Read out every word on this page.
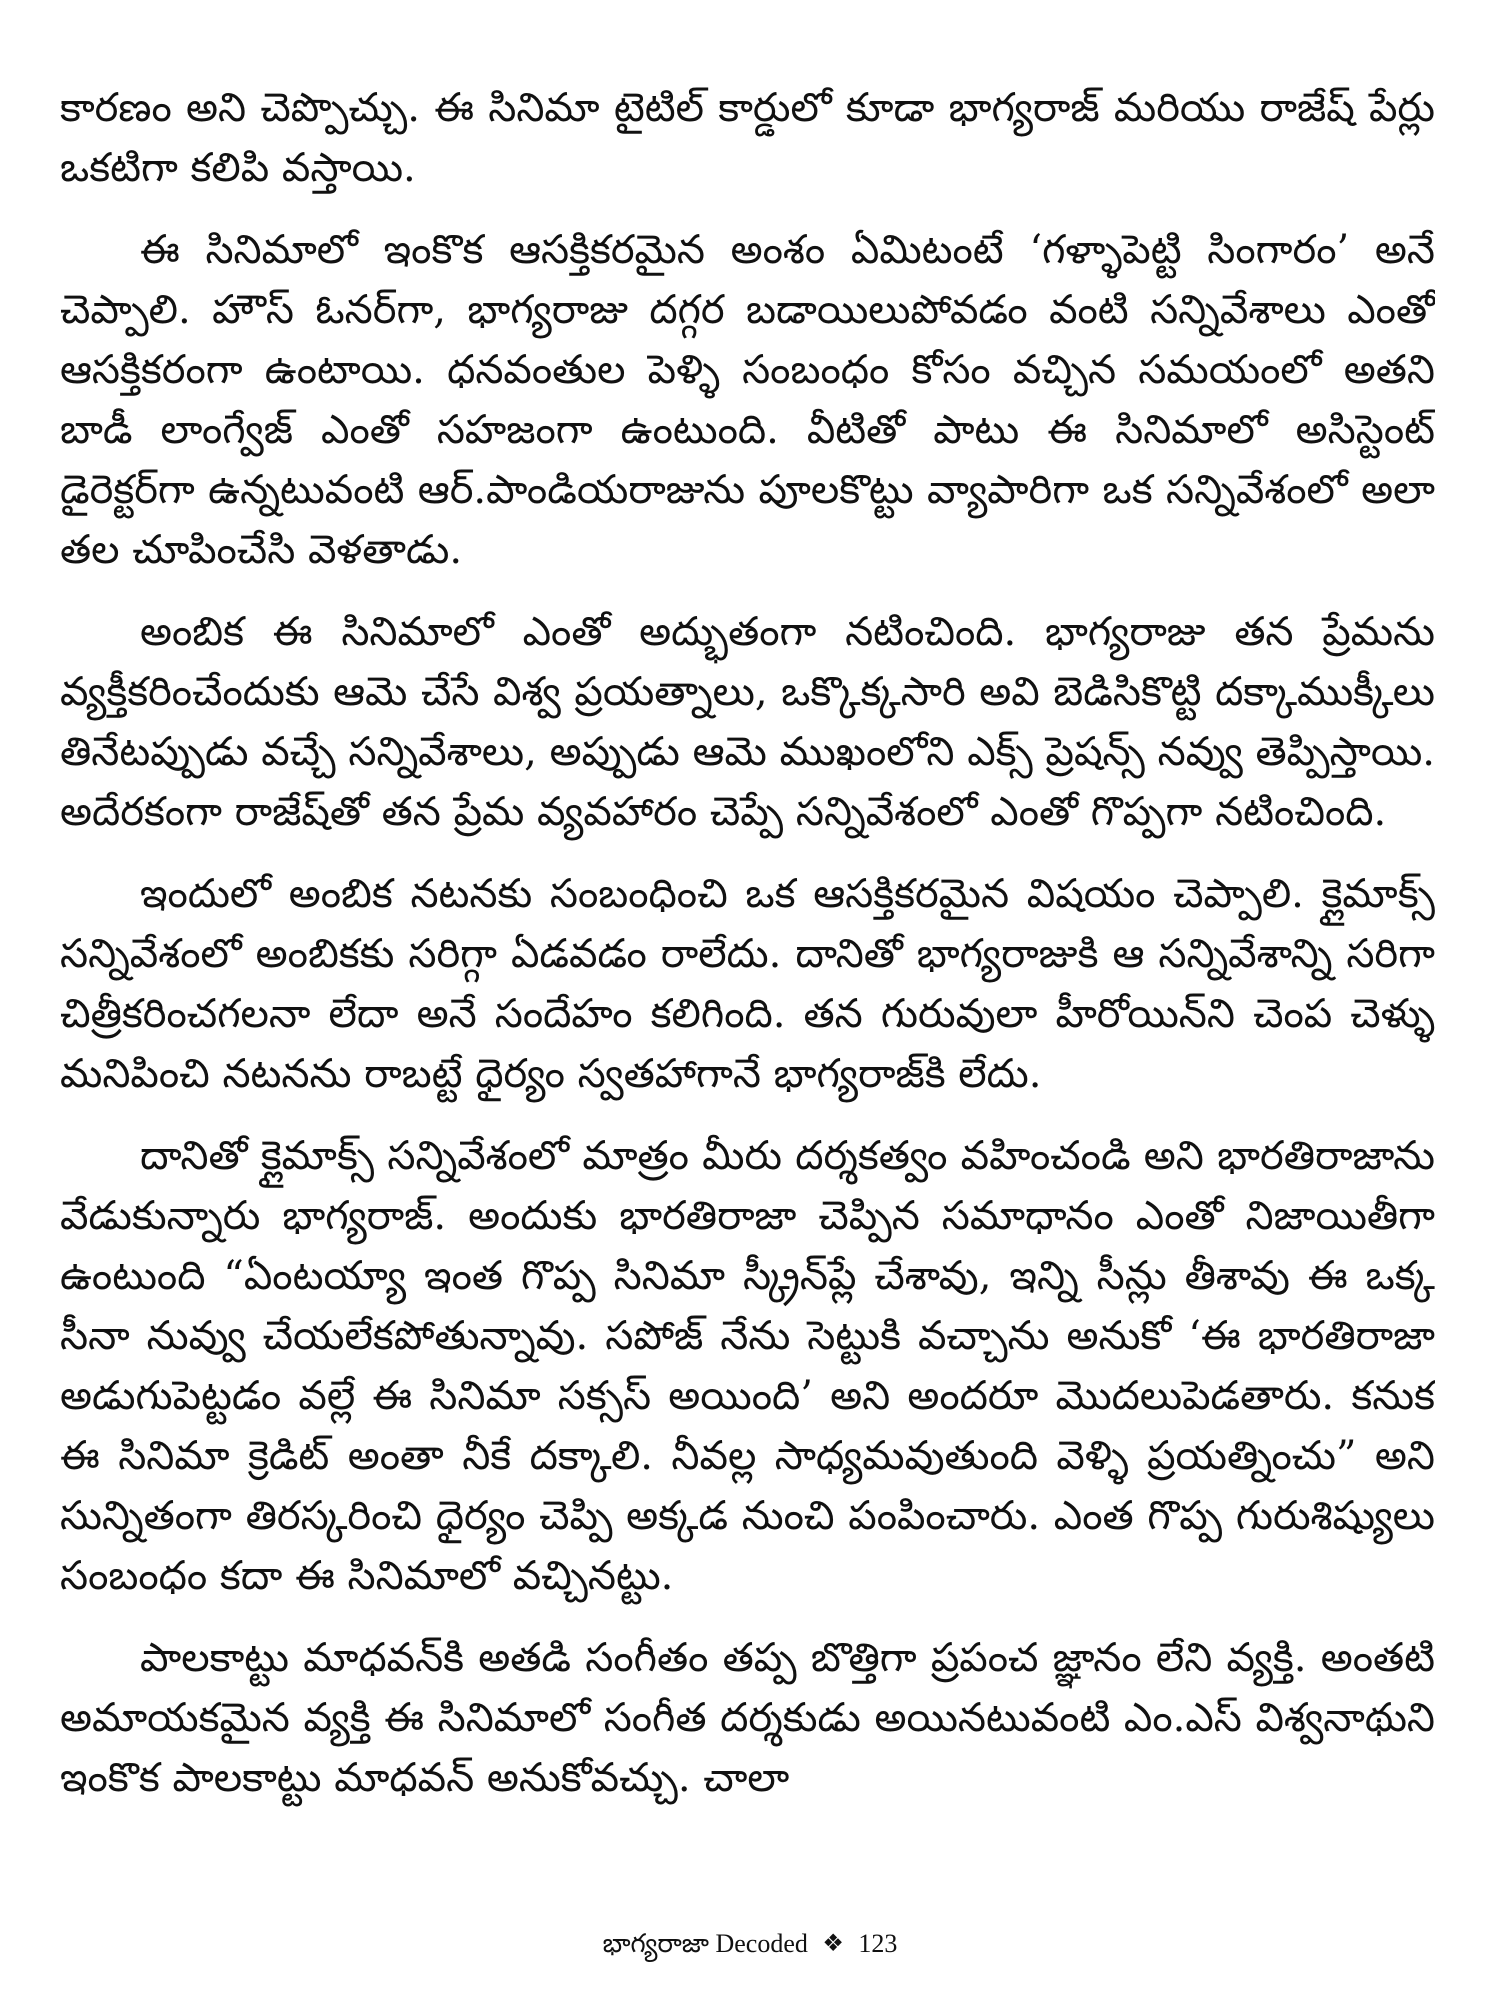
కారణం అని చెప్పొచ్చు. ఈ సినిమా టైటిల్ కార్డులో కూడా భాగ్యరాజ్ మరియు రాజేష్ పేర్లు ఒకటిగా కలిపి వస్తాయి.

ఈ సినిమాలో ఇంకొక ఆసక్తికరమైన అంశం ఏమిటంటే ‘గళ్ళాపెట్టి సింగారం’ అనే చెప్పాలి. హౌస్ ఓనర్‌గా, భాగ్యరాజు దగ్గర బడాయిలుపోవడం వంటి సన్నివేశాలు ఎంతో ఆసక్తికరంగా ఉంటాయి. ధనవంతుల పెళ్ళి సంబంధం కోసం వచ్చిన సమయంలో అతని బాడీ లాంగ్వేజ్ ఎంతో సహజంగా ఉంటుంది. వీటితో పాటు ఈ సినిమాలో అసిస్టెంట్ డైరెక్టర్‌గా ఉన్నటువంటి ఆర్.పాండియరాజును పూలకొట్టు వ్యాపారిగా ఒక సన్నివేశంలో అలా తల చూపించేసి వెళతాడు.

అంబిక ఈ సినిమాలో ఎంతో అద్భుతంగా నటించింది. భాగ్యరాజు తన ప్రేమను వ్యక్తీకరించేందుకు ఆమె చేసే విశ్వ ప్రయత్నాలు, ఒక్కొక్కసారి అవి బెడిసికొట్టి దక్కాముక్కీలు తినేటప్పుడు వచ్చే సన్నివేశాలు, అప్పుడు ఆమె ముఖంలోని ఎక్స్ ప్రెషన్స్ నవ్వు తెప్పిస్తాయి. అదేరకంగా రాజేష్‌తో తన ప్రేమ వ్యవహారం చెప్పే సన్నివేశంలో ఎంతో గొప్పగా నటించింది.

ఇందులో అంబిక నటనకు సంబంధించి ఒక ఆసక్తికరమైన విషయం చెప్పాలి. క్లైమాక్స్ సన్నివేశంలో అంబికకు సరిగ్గా ఏడవడం రాలేదు. దానితో భాగ్యరాజుకి ఆ సన్నివేశాన్ని సరిగా చిత్రీకరించగలనా లేదా అనే సందేహం కలిగింది. తన గురువులా హీరోయిన్‌ని చెంప చెళ్ళు మనిపించి నటనను రాబట్టే ధైర్యం స్వతహాగానే భాగ్యరాజ్‌కి లేదు.

దానితో క్లైమాక్స్ సన్నివేశంలో మాత్రం మీరు దర్శకత్వం వహించండి అని భారతిరాజాను వేడుకున్నారు భాగ్యరాజ్. అందుకు భారతిరాజా చెప్పిన సమాధానం ఎంతో నిజాయితీగా ఉంటుంది “ఏంటయ్యా ఇంత గొప్ప సినిమా స్క్రీన్‌ప్లే చేశావు, ఇన్ని సీన్లు తీశావు ఈ ఒక్క సీనా నువ్వు చేయలేకపోతున్నావు. సపోజ్ నేను సెట్టుకి వచ్చాను అనుకో ‘ఈ భారతిరాజా అడుగుపెట్టడం వల్లే ఈ సినిమా సక్సస్ అయింది’ అని అందరూ మొదలుపెడతారు. కనుక ఈ సినిమా క్రెడిట్ అంతా నీకే దక్కాలి. నీవల్ల సాధ్యమవుతుంది వెళ్ళి ప్రయత్నించు” అని సున్నితంగా తిరస్కరించి ధైర్యం చెప్పి అక్కడ నుంచి పంపించారు. ఎంత గొప్ప గురుశిష్యులు సంబంధం కదా ఈ సినిమాలో వచ్చినట్టు.

పాలకాట్టు మాధవన్‌కి అతడి సంగీతం తప్ప బొత్తిగా ప్రపంచ జ్ఞానం లేని వ్యక్తి. అంతటి అమాయకమైన వ్యక్తి ఈ సినిమాలో సంగీత దర్శకుడు అయినటువంటి ఎం.ఎస్ విశ్వనాథుని ఇంకొక పాలకాట్టు మాధవన్ అనుకోవచ్చు. చాలా

భాగ్యరాజా Decoded ❖ 123
